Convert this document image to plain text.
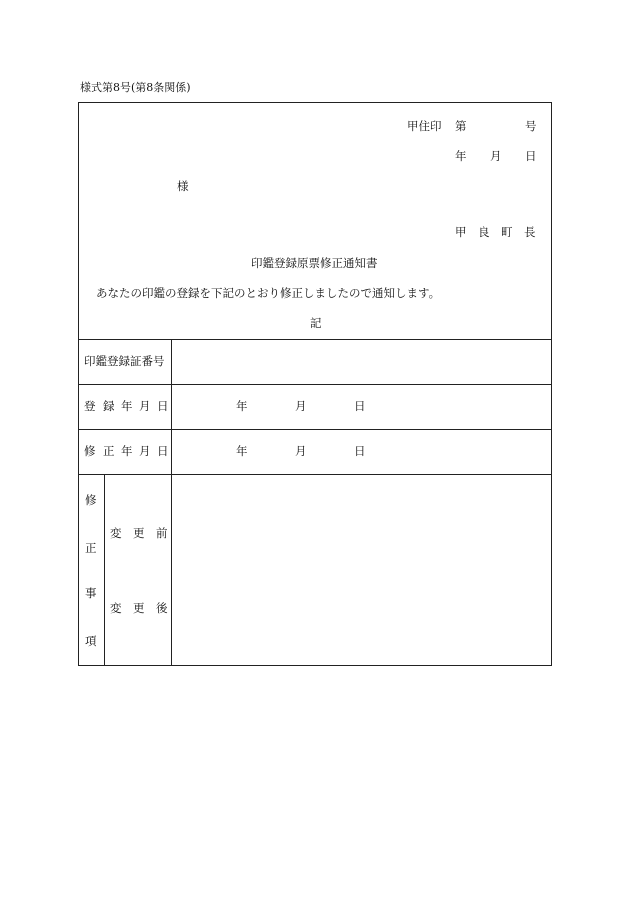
様式第8号(第8条関係)
甲住印 第	号
年 月 日
様
甲 良 町 長
印鑑登録原票修正通知書
あなたの印鑑の登録を下記のとおり修正しましたので通知します。
記
印鑑登録証番号
登 録 年 月 日	年	月	日
修 正 年 月 日	年	月	日
修
正
事
項
変 更 前
変 更 後
